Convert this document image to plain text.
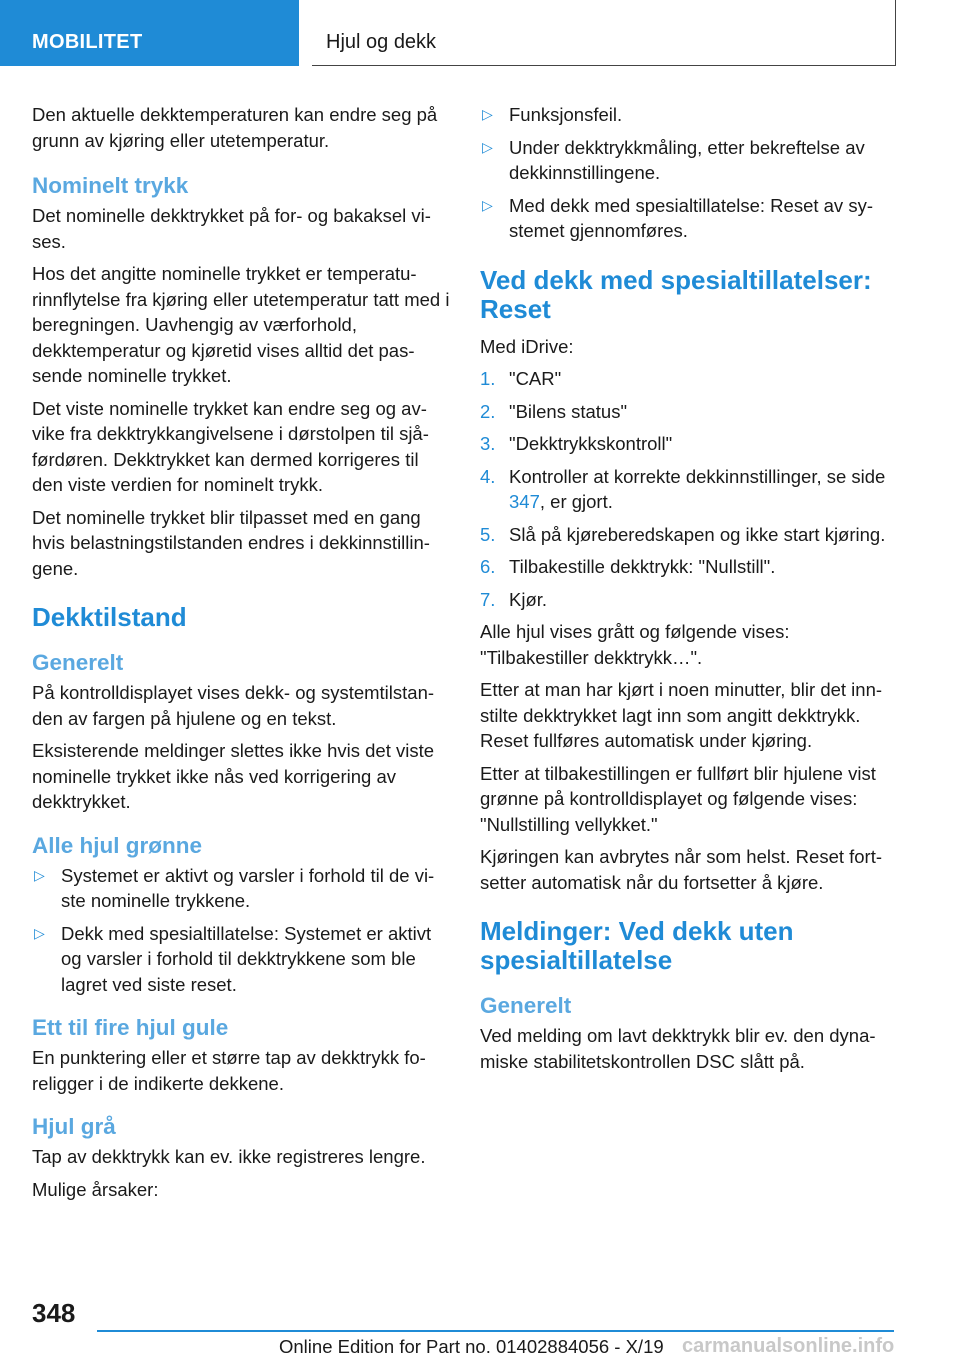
MOBILITET	Hjul og dekk

Den aktuelle dekktemperaturen kan endre seg på grunn av kjøring eller utetemperatur.

Nominelt trykk

Det nominelle dekktrykket på for- og bakaksel vi-ses.

Hos det angitte nominelle trykket er temperatu-rinnflytelse fra kjøring eller utetemperatur tatt med i beregningen. Uavhengig av værforhold, dekktemperatur og kjøretid vises alltid det pas-sende nominelle trykket.

Det viste nominelle trykket kan endre seg og av-vike fra dekktrykkangivelsene i dørstolpen til sjå-førdøren. Dekktrykket kan dermed korrigeres til den viste verdien for nominelt trykk.

Det nominelle trykket blir tilpasset med en gang hvis belastningstilstanden endres i dekkinnstillin-gene.

Dekktilstand
Generelt

På kontrolldisplayet vises dekk- og systemtilstan-den av fargen på hjulene og en tekst.

Eksisterende meldinger slettes ikke hvis det viste nominelle trykket ikke nås ved korrigering av dekktrykket.

Alle hjul grønne
▷ Systemet er aktivt og varsler i forhold til de vi-ste nominelle trykkene.
▷ Dekk med spesialtillatelse: Systemet er aktivt og varsler i forhold til dekktrykkene som ble lagret ved siste reset.
Ett til fire hjul gule

En punktering eller et større tap av dekktrykk fo-religger i de indikerte dekkene.

Hjul grå

Tap av dekktrykk kan ev. ikke registreres lengre.

Mulige årsaker:

▷ Funksjonsfeil.
▷ Under dekktrykkmåling, etter bekreftelse av dekkinnstillingene.
▷ Med dekk med spesialtillatelse: Reset av sy-stemet gjennomføres.
Ved dekk med spesialtillatelser: Reset

Med iDrive:

1. "CAR"
2. "Bilens status"
3. "Dekktrykkskontroll"
4. Kontroller at korrekte dekkinnstillinger, se side 347, er gjort.
5. Slå på kjøreberedskapen og ikke start kjøring.
6. Tilbakestille dekktrykk: "Nullstill".
7. Kjør.

Alle hjul vises grått og følgende vises: "Tilbakestiller dekktrykk…".

Etter at man har kjørt i noen minutter, blir det inn-stilte dekktrykket lagt inn som angitt dekktrykk. Reset fullføres automatisk under kjøring.

Etter at tilbakestillingen er fullført blir hjulene vist grønne på kontrolldisplayet og følgende vises: "Nullstilling vellykket."

Kjøringen kan avbrytes når som helst. Reset fort-setter automatisk når du fortsetter å kjøre.

Meldinger: Ved dekk uten spesialtillatelse
Generelt

Ved melding om lavt dekktrykk blir ev. den dyna-miske stabilitetskontrollen DSC slått på.

348
Online Edition for Part no. 01402884056 - X/19 carmanualsonline.info
